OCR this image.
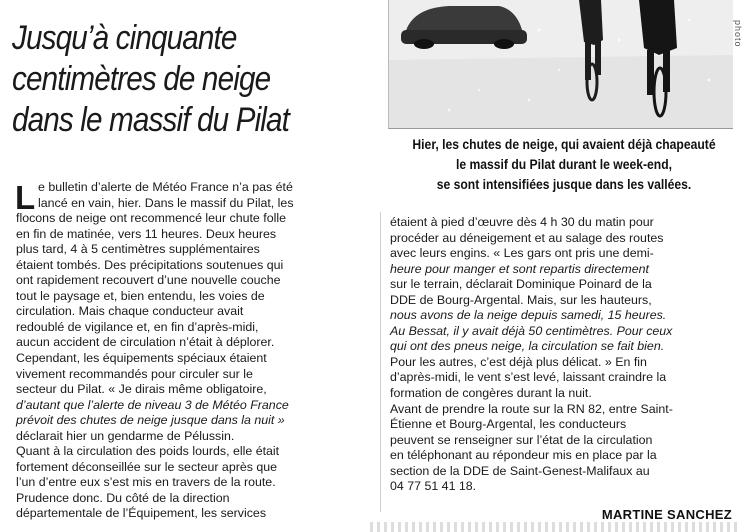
Jusqu’à cinquante
centimètres de neige
dans le massif du Pilat
photo
Hier, les chutes de neige, qui avaient déjà chapeauté
le massif du Pilat durant le week-end,
se sont intensifiées jusque dans les vallées.
L e bulletin d’alerte de Météo France n’a pas été
lancé en vain, hier. Dans le massif du Pilat, les
flocons de neige ont recommencé leur chute folle
en fin de matinée, vers 11 heures. Deux heures
plus tard, 4 à 5 centimètres supplémentaires
étaient tombés. Des précipitations soutenues qui
ont rapidement recouvert d’une nouvelle couche
tout le paysage et, bien entendu, les voies de
circulation. Mais chaque conducteur avait
redoublé de vigilance et, en fin d’après-midi,
aucun accident de circulation n’était à déplorer.
Cependant, les équipements spéciaux étaient
vivement recommandés pour circuler sur le
secteur du Pilat. « Je dirais même obligatoire,
d’autant que l’alerte de niveau 3 de Météo France
prévoit des chutes de neige jusque dans la nuit »
déclarait hier un gendarme de Pélussin.
Quant à la circulation des poids lourds, elle était
fortement déconseillée sur le secteur après que
l’un d’entre eux s’est mis en travers de la route.
Prudence donc. Du côté de la direction
départementale de l’Équipement, les services
étaient à pied d’œuvre dès 4 h 30 du matin pour
procéder au déneigement et au salage des routes
avec leurs engins. « Les gars ont pris une demi-
heure pour manger et sont repartis directement
sur le terrain, déclarait Dominique Poinard de la
DDE de Bourg-Argental. Mais, sur les hauteurs,
nous avons de la neige depuis samedi, 15 heures.
Au Bessat, il y avait déjà 50 centimètres. Pour ceux
qui ont des pneus neige, la circulation se fait bien.
Pour les autres, c’est déjà plus délicat. » En fin
d’après-midi, le vent s’est levé, laissant craindre la
formation de congères durant la nuit.
Avant de prendre la route sur la RN 82, entre Saint-
Étienne et Bourg-Argental, les conducteurs
peuvent se renseigner sur l’état de la circulation
en téléphonant au répondeur mis en place par la
section de la DDE de Saint-Genest-Malifaux au
04 77 51 41 18.
MARTINE SANCHEZ
